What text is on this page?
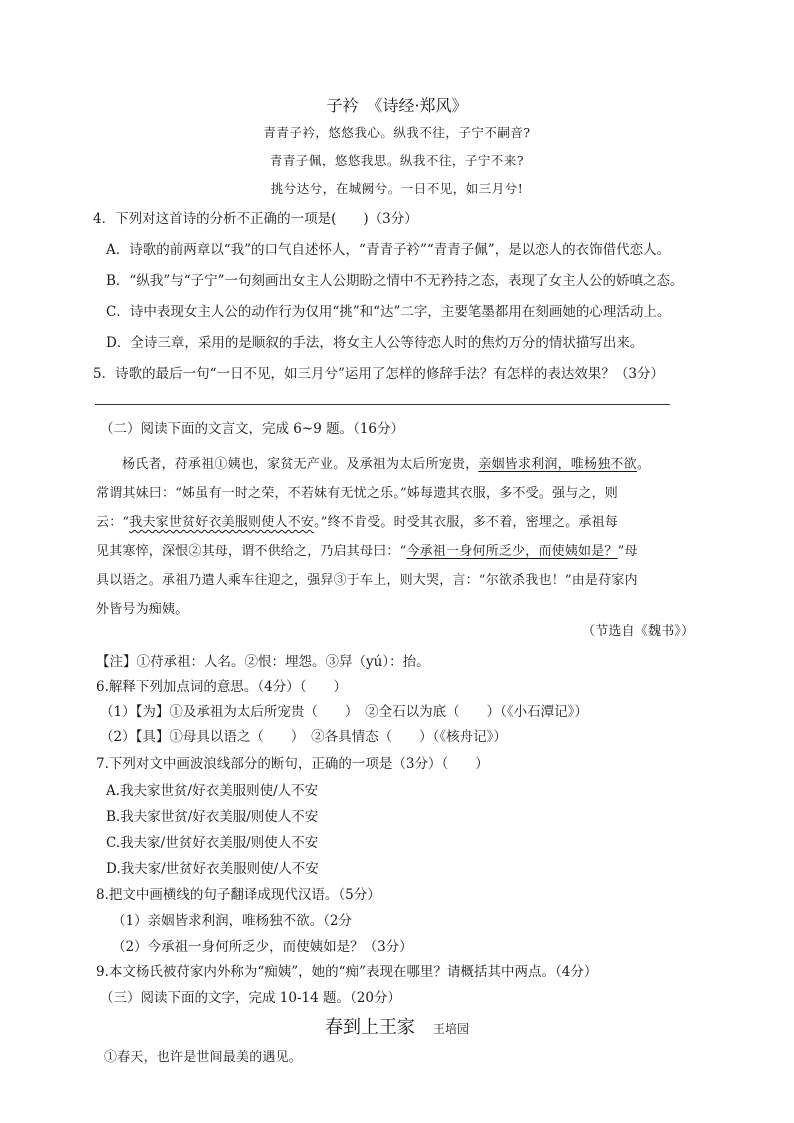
子衿　《诗经·郑风》
青青子衿，悠悠我心。纵我不往，子宁不嗣音?
青青子佩，悠悠我思。纵我不往，子宁不来?
挑兮达兮，在城阙兮。一日不见，如三月兮!
4．下列对这首诗的分析不正确的一项是(　　)（3分）
A．诗歌的前两章以“我”的口气自述怀人，“青青子衿”“青青子佩”，是以恋人的衣饰借代恋人。
B．“纵我”与“子宁”一句刻画出女主人公期盼之情中不无矜持之态，表现了女主人公的娇嗔之态。
C．诗中表现女主人公的动作行为仅用“挑”和“达”二字，主要笔墨都用在刻画她的心理活动上。
D．全诗三章，采用的是顺叙的手法，将女主人公等待恋人时的焦灼万分的情状描写出来。
5．诗歌的最后一句“一日不见，如三月兮”运用了怎样的修辞手法？有怎样的表达效果？（3分）
（二）阅读下面的文言文，完成 6~9 题。（16分）
杨氏者，苻承祖①姨也，家贫无产业。及承祖为太后所宠贵，亲姻皆求利润，唯杨独不欲。
常谓其妹曰：“姊虽有一时之荣，不若妹有无忧之乐。”姊每遗其衣服，多不受。强与之，则
云：“我夫家世贫好衣美服则使人不安。”终不肯受。时受其衣服，多不着，密埋之。承祖每
见其寒悴，深恨②其母，谓不供给之，乃启其母曰：“今承祖一身何所乏少，而使姨如是？”母
具以语之。承祖乃遣人乘车往迎之，强舁③于车上，则大哭，言：“尔欲杀我也！”由是苻家内
外皆号为痴姨。
（节选自《魏书》）
【注】①苻承祖：人名。②恨：埋怨。③舁（yú）：抬。
6.解释下列加点词的意思。（4分）（　　）
（1）【为】①及承祖为太后所宠贵（　　）　②全石以为底（　　）（《小石潭记》）
（2）【具】①母具以语之（　　）　②各具情态（　　）（《核舟记》）
7.下列对文中画波浪线部分的断句，正确的一项是（3分）（　　）
A.我夫家世贫/好衣美服则使/人不安
B.我夫家世贫/好衣美服/则使人不安
C.我夫家/世贫好衣美服/则使人不安
D.我夫家/世贫好衣美服则使/人不安
8.把文中画横线的句子翻译成现代汉语。（5分）
（1）亲姻皆求利润，唯杨独不欲。（2分
（2）今承祖一身何所乏少，而使姨如是？（3分）
9.本文杨氏被苻家内外称为“痴姨”，她的“痴”表现在哪里？请概括其中两点。（4分）
（三）阅读下面的文字，完成 10-14 题。（20分）
春到上王家 王培园
①春天，也许是世间最美的遇见。
